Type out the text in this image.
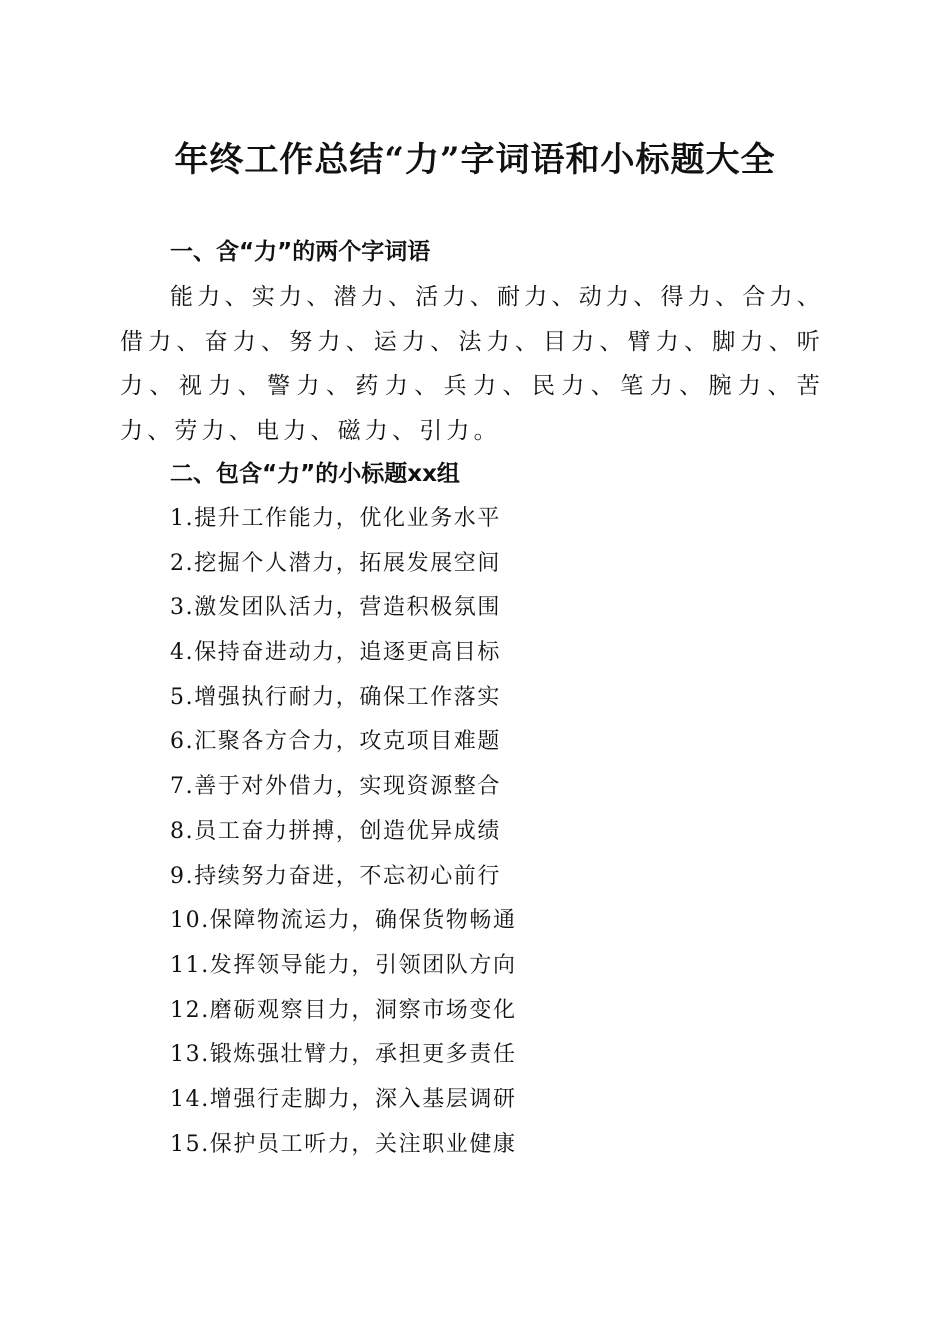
年终工作总结“力”字词语和小标题大全
一、含“力”的两个字词语

能力、实力、潜力、活力、耐力、动力、得力、合力、借力、奋力、努力、运力、法力、目力、臂力、脚力、听力、视力、警力、药力、兵力、民力、笔力、腕力、苦力、劳力、电力、磁力、引力。

二、包含“力”的小标题xx组
1.提升工作能力，优化业务水平
2.挖掘个人潜力，拓展发展空间
3.激发团队活力，营造积极氛围
4.保持奋进动力，追逐更高目标
5.增强执行耐力，确保工作落实
6.汇聚各方合力，攻克项目难题
7.善于对外借力，实现资源整合
8.员工奋力拼搏，创造优异成绩
9.持续努力奋进，不忘初心前行
10.保障物流运力，确保货物畅通
11.发挥领导能力，引领团队方向
12.磨砺观察目力，洞察市场变化
13.锻炼强壮臂力，承担更多责任
14.增强行走脚力，深入基层调研
15.保护员工听力，关注职业健康
